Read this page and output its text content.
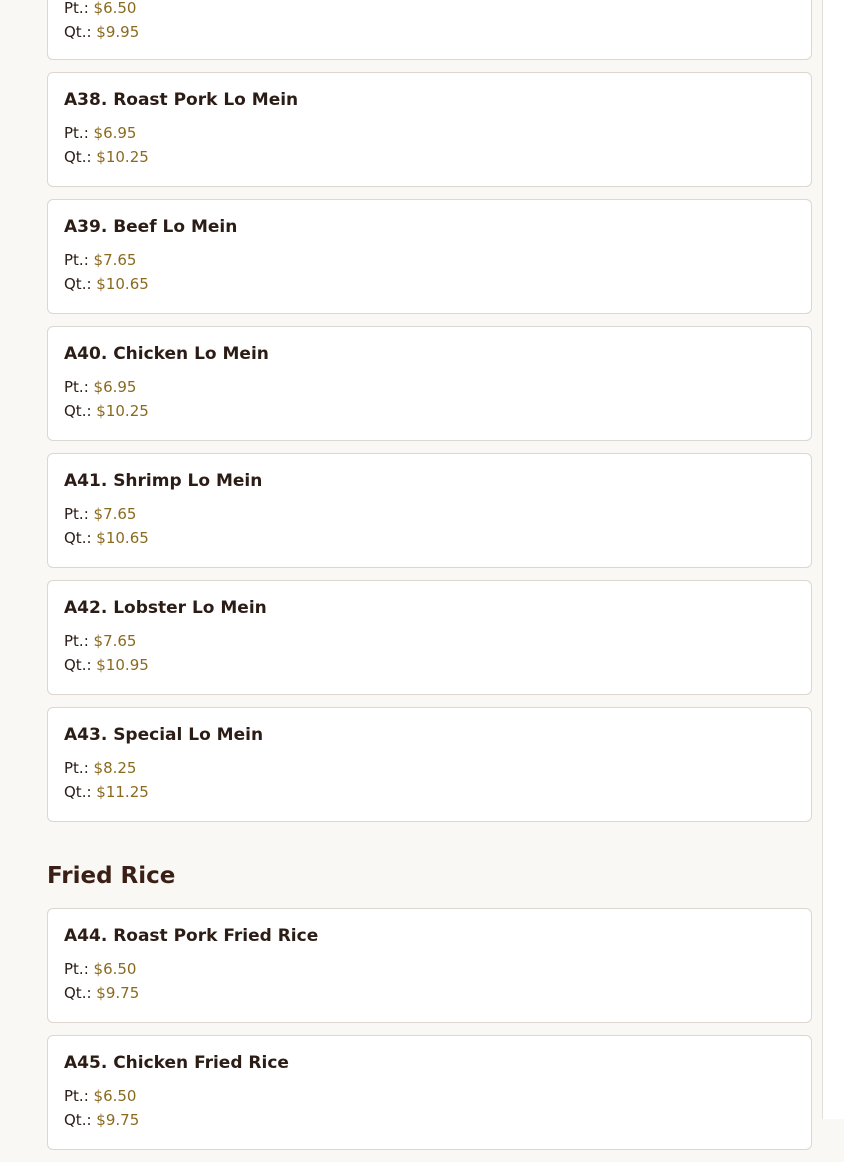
Pt.: $6.50
Qt.: $9.95
A38. Roast Pork Lo Mein
Pt.: $6.95
Qt.: $10.25
A39. Beef Lo Mein
Pt.: $7.65
Qt.: $10.65
A40. Chicken Lo Mein
Pt.: $6.95
Qt.: $10.25
A41. Shrimp Lo Mein
Pt.: $7.65
Qt.: $10.65
A42. Lobster Lo Mein
Pt.: $7.65
Qt.: $10.95
A43. Special Lo Mein
Pt.: $8.25
Qt.: $11.25
Fried Rice
A44. Roast Pork Fried Rice
Pt.: $6.50
Qt.: $9.75
A45. Chicken Fried Rice
Pt.: $6.50
Qt.: $9.75
